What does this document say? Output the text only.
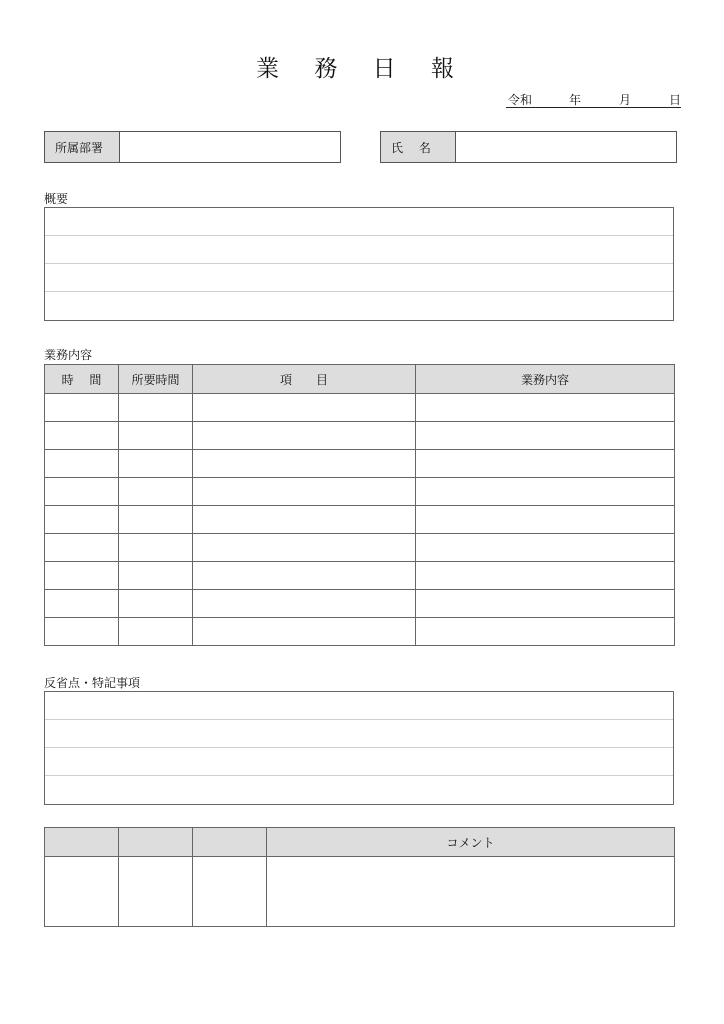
業 務 日 報
令和	年	月	日
所属部署	氏　 名
概要
業務内容
時　 間	所要時間	項　　目	業務内容

反省点・特記事項
			コメント
